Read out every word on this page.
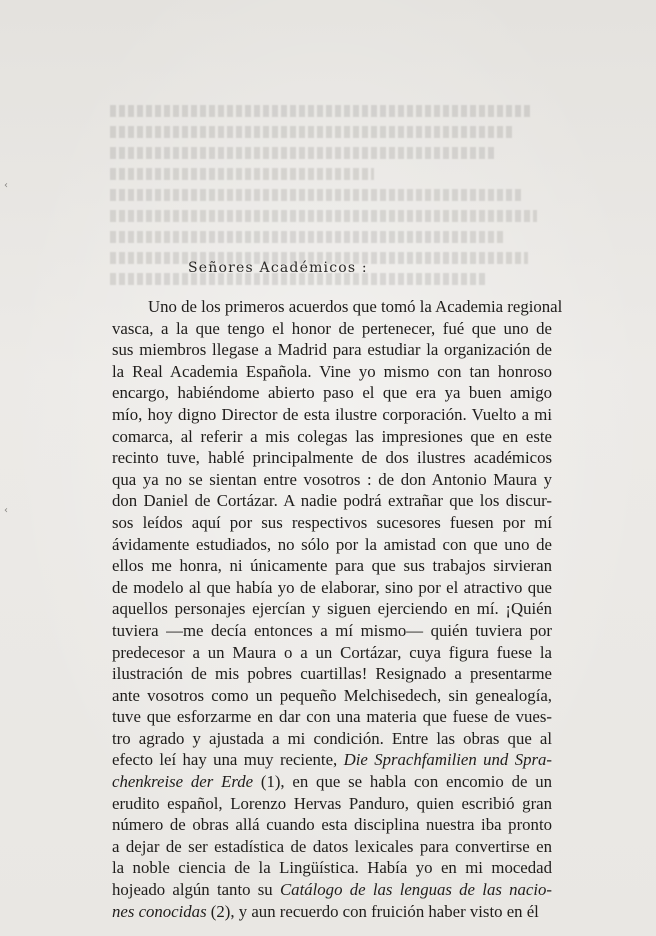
‹
‹
Señores Académicos :
Uno de los primeros acuerdos que tomó la Academia regional
vasca, a la que tengo el honor de pertenecer, fué que uno de
sus miembros llegase a Madrid para estudiar la organización de
la Real Academia Española. Vine yo mismo con tan honroso
encargo, habiéndome abierto paso el que era ya buen amigo
mío, hoy digno Director de esta ilustre corporación. Vuelto a mi
comarca, al referir a mis colegas las impresiones que en este
recinto tuve, hablé principalmente de dos ilustres académicos
qua ya no se sientan entre vosotros : de don Antonio Maura y
don Daniel de Cortázar. A nadie podrá extrañar que los discur-
sos leídos aquí por sus respectivos sucesores fuesen por mí
ávidamente estudiados, no sólo por la amistad con que uno de
ellos me honra, ni únicamente para que sus trabajos sirvieran
de modelo al que había yo de elaborar, sino por el atractivo que
aquellos personajes ejercían y siguen ejerciendo en mí. ¡Quién
tuviera —me decía entonces a mí mismo— quién tuviera por
predecesor a un Maura o a un Cortázar, cuya figura fuese la
ilustración de mis pobres cuartillas! Resignado a presentarme
ante vosotros como un pequeño Melchisedech, sin genealogía,
tuve que esforzarme en dar con una materia que fuese de vues-
tro agrado y ajustada a mi condición. Entre las obras que al
efecto leí hay una muy reciente, Die Sprachfamilien und Spra-
chenkreise der Erde (1), en que se habla con encomio de un
erudito español, Lorenzo Hervas Panduro, quien escribió gran
número de obras allá cuando esta disciplina nuestra iba pronto
a dejar de ser estadística de datos lexicales para convertirse en
la noble ciencia de la Lingüística. Había yo en mi mocedad
hojeado algún tanto su Catálogo de las lenguas de las nacio-
nes conocidas (2), y aun recuerdo con fruición haber visto en él
